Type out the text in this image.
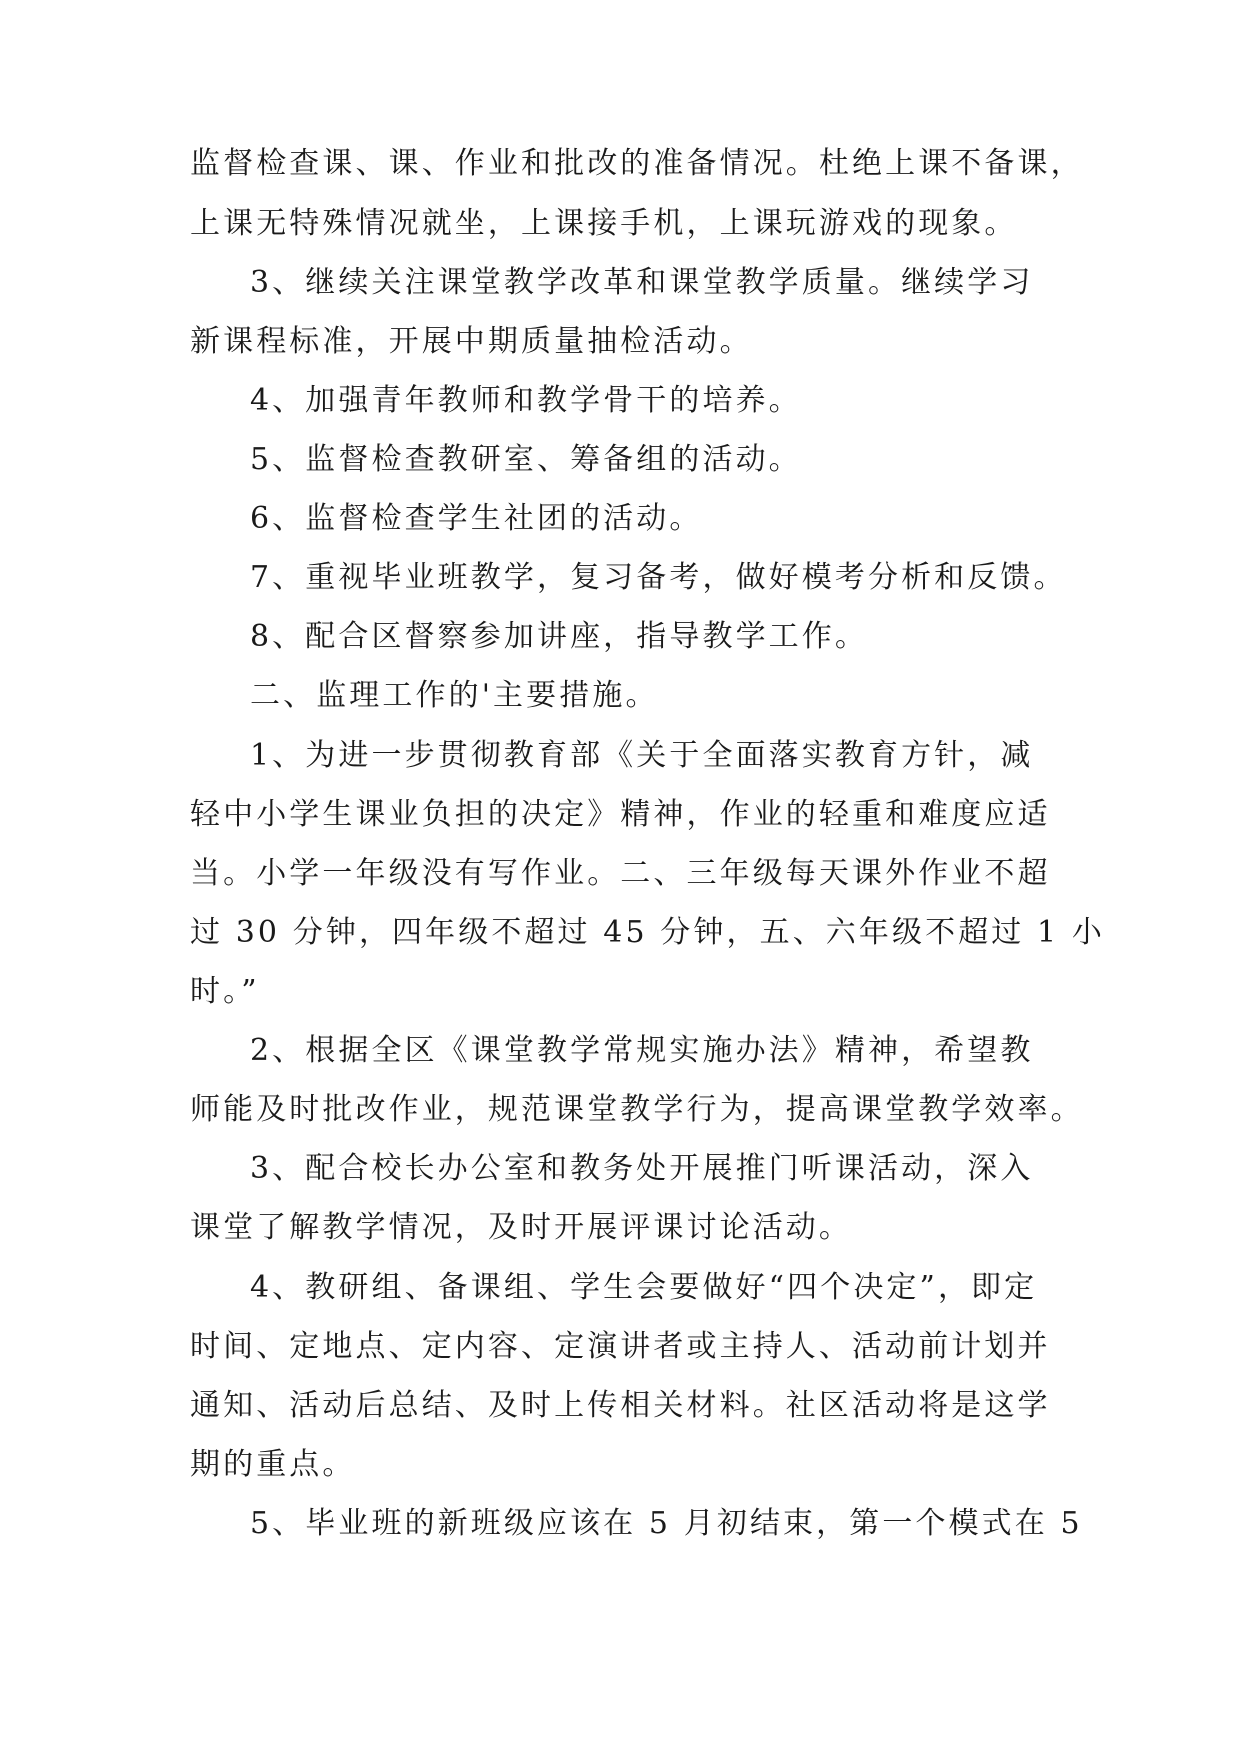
监督检查课、课、作业和批改的准备情况。杜绝上课不备课，
上课无特殊情况就坐，上课接手机，上课玩游戏的现象。
3、继续关注课堂教学改革和课堂教学质量。继续学习
新课程标准，开展中期质量抽检活动。
4、加强青年教师和教学骨干的培养。
5、监督检查教研室、筹备组的活动。
6、监督检查学生社团的活动。
7、重视毕业班教学，复习备考，做好模考分析和反馈。
8、配合区督察参加讲座，指导教学工作。
二、监理工作的'主要措施。
1、为进一步贯彻教育部《关于全面落实教育方针，减
轻中小学生课业负担的决定》精神，作业的轻重和难度应适
当。小学一年级没有写作业。二、三年级每天课外作业不超
过 30 分钟，四年级不超过 45 分钟，五、六年级不超过 1 小
时。”
2、根据全区《课堂教学常规实施办法》精神，希望教
师能及时批改作业，规范课堂教学行为，提高课堂教学效率。
3、配合校长办公室和教务处开展推门听课活动，深入
课堂了解教学情况，及时开展评课讨论活动。
4、教研组、备课组、学生会要做好“四个决定”，即定
时间、定地点、定内容、定演讲者或主持人、活动前计划并
通知、活动后总结、及时上传相关材料。社区活动将是这学
期的重点。
5、毕业班的新班级应该在 5 月初结束，第一个模式在 5
